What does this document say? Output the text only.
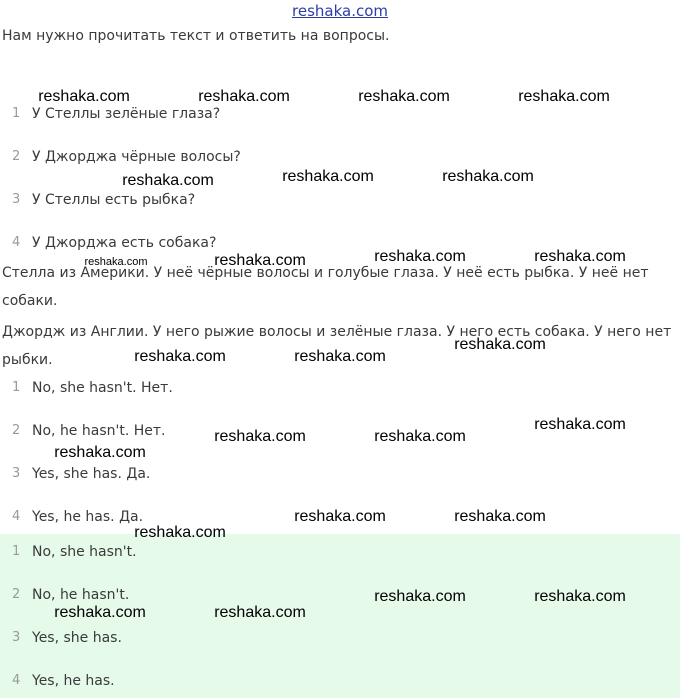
reshaka.com
Нам нужно прочитать текст и ответить на вопросы.
1 У Стеллы зелёные глаза?
2 У Джорджа чёрные волосы?
3 У Стеллы есть рыбка?
4 У Джорджа есть собака?
Стелла из Америки. У неё чёрные волосы и голубые глаза. У неё есть рыбка. У неё нет собаки.
Джордж из Англии. У него рыжие волосы и зелёные глаза. У него есть собака. У него нет рыбки.
1 No, she hasn't. Нет.
2 No, he hasn't. Нет.
3 Yes, she has. Да.
4 Yes, he has. Да.
1 No, she hasn't.
2 No, he hasn't.
3 Yes, she has.
4 Yes, he has.
reshaka.com	reshaka.com	reshaka.com	reshaka.com
reshaka.com	reshaka.com	reshaka.com
reshaka.com	reshaka.com	reshaka.com	reshaka.com
reshaka.com	reshaka.com
reshaka.com
reshaka.com	reshaka.com
reshaka.com
reshaka.com
reshaka.com	reshaka.com
reshaka.com
reshaka.com	reshaka.com
reshaka.com	reshaka.com
